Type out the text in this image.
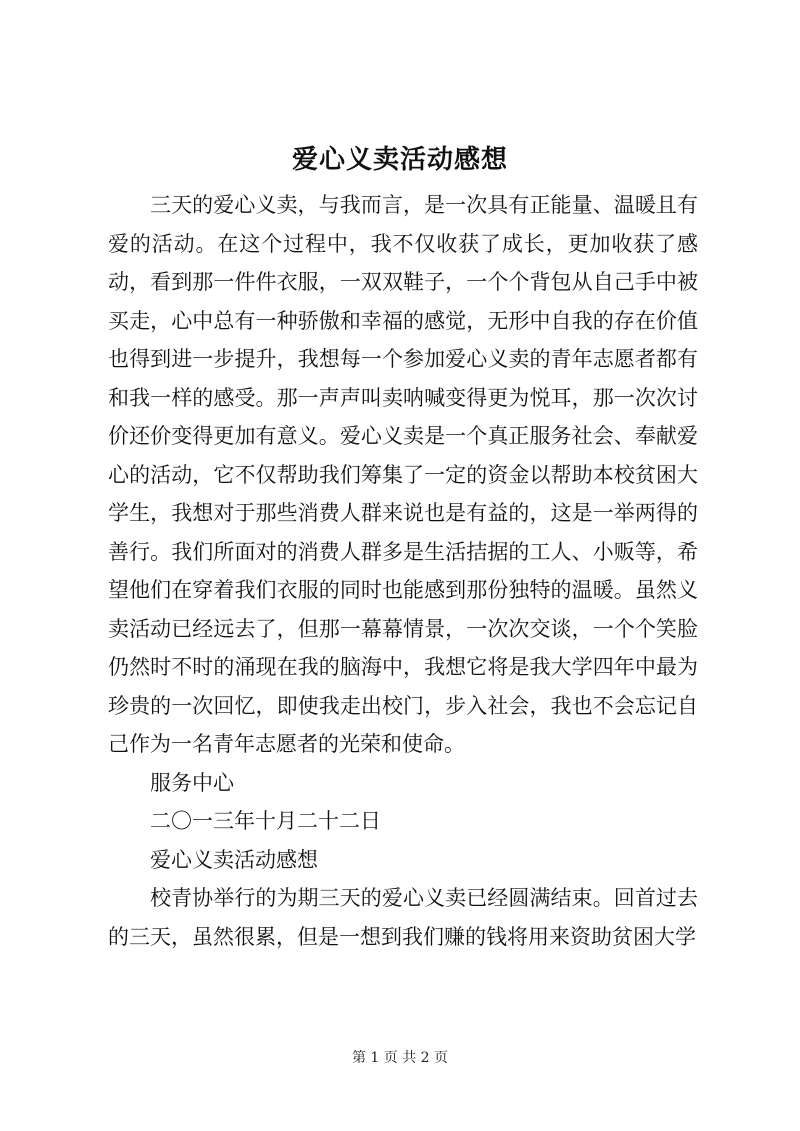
爱心义卖活动感想

三天的爱心义卖，与我而言，是一次具有正能量、温暖且有爱的活动。在这个过程中，我不仅收获了成长，更加收获了感动，看到那一件件衣服，一双双鞋子，一个个背包从自己手中被买走，心中总有一种骄傲和幸福的感觉，无形中自我的存在价值也得到进一步提升，我想每一个参加爱心义卖的青年志愿者都有和我一样的感受。那一声声叫卖呐喊变得更为悦耳，那一次次讨价还价变得更加有意义。爱心义卖是一个真正服务社会、奉献爱心的活动，它不仅帮助我们筹集了一定的资金以帮助本校贫困大学生，我想对于那些消费人群来说也是有益的，这是一举两得的善行。我们所面对的消费人群多是生活拮据的工人、小贩等，希望他们在穿着我们衣服的同时也能感到那份独特的温暖。虽然义卖活动已经远去了，但那一幕幕情景，一次次交谈，一个个笑脸仍然时不时的涌现在我的脑海中，我想它将是我大学四年中最为珍贵的一次回忆，即使我走出校门，步入社会，我也不会忘记自己作为一名青年志愿者的光荣和使命。

服务中心

二〇一三年十月二十二日

爱心义卖活动感想

校青协举行的为期三天的爱心义卖已经圆满结束。回首过去的三天，虽然很累，但是一想到我们赚的钱将用来资助贫困大学

第 1 页 共 2 页
